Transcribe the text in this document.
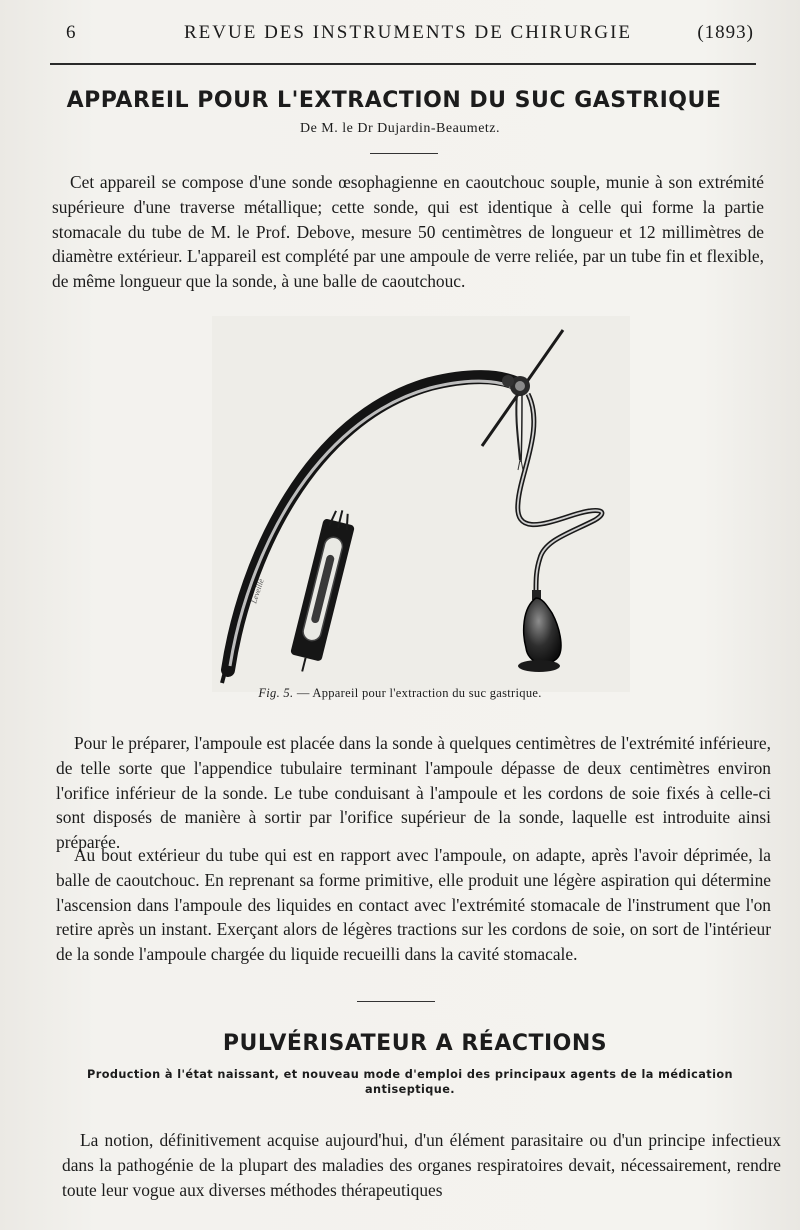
6	REVUE DES INSTRUMENTS DE CHIRURGIE	(1893)
APPAREIL POUR L'EXTRACTION DU SUC GASTRIQUE
De M. le Dr Dujardin-Beaumetz.

Cet appareil se compose d'une sonde œsophagienne en caoutchouc souple, munie à son extrémité supérieure d'une traverse métallique; cette sonde, qui est identique à celle qui forme la partie stomacale du tube de M. le Prof. Debove, mesure 50 centimètres de longueur et 12 millimètres de diamètre extérieur. L'appareil est complété par une ampoule de verre reliée, par un tube fin et flexible, de même longueur que la sonde, à une balle de caoutchouc.

Leveillé
Fig. 5. — Appareil pour l'extraction du suc gastrique.

Pour le préparer, l'ampoule est placée dans la sonde à quelques centimètres de l'extrémité inférieure, de telle sorte que l'appendice tubulaire terminant l'ampoule dépasse de deux centimètres environ l'orifice inférieur de la sonde. Le tube conduisant à l'ampoule et les cordons de soie fixés à celle-ci sont disposés de manière à sortir par l'orifice supérieur de la sonde, laquelle est introduite ainsi préparée.

Au bout extérieur du tube qui est en rapport avec l'ampoule, on adapte, après l'avoir déprimée, la balle de caoutchouc. En reprenant sa forme primitive, elle produit une légère aspiration qui détermine l'ascension dans l'ampoule des liquides en contact avec l'extrémité stomacale de l'instrument que l'on retire après un instant. Exerçant alors de légères tractions sur les cordons de soie, on sort de l'intérieur de la sonde l'ampoule chargée du liquide recueilli dans la cavité stomacale.

PULVÉRISATEUR A RÉACTIONS
Production à l'état naissant, et nouveau mode d'emploi des principaux agents de la médication antiseptique.

La notion, définitivement acquise aujourd'hui, d'un élément parasitaire ou d'un principe infectieux dans la pathogénie de la plupart des maladies des organes respiratoires devait, nécessairement, rendre toute leur vogue aux diverses méthodes thérapeutiques
